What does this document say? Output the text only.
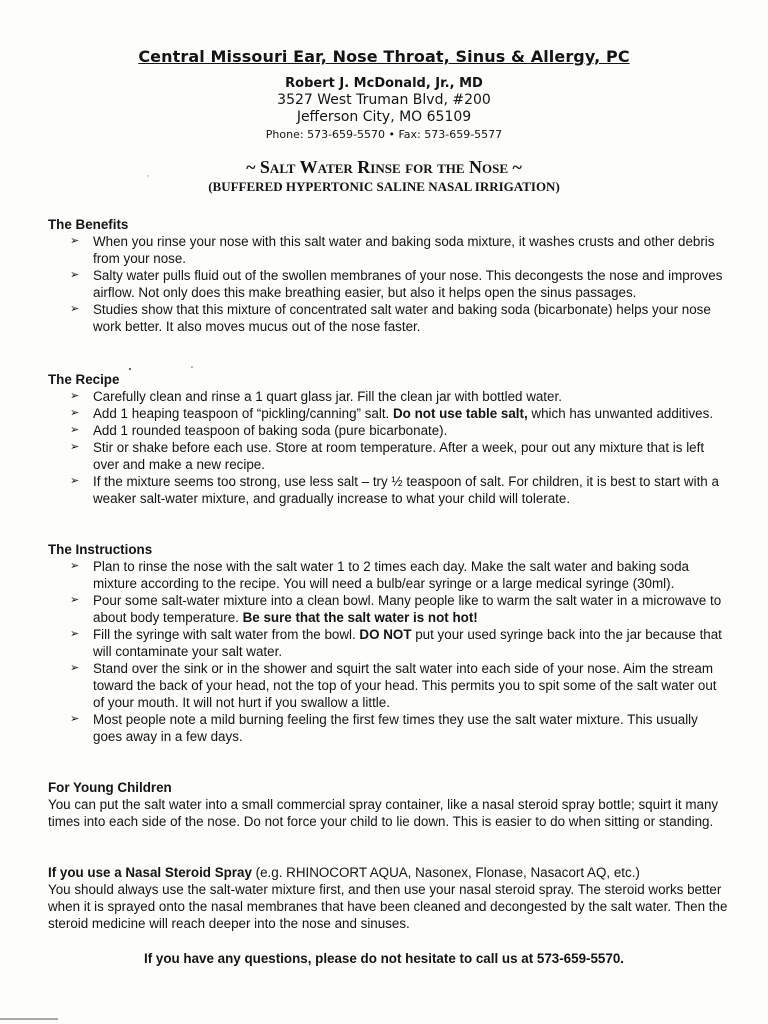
Central Missouri Ear, Nose Throat, Sinus & Allergy, PC
Robert J. McDonald, Jr., MD
3527 West Truman Blvd, #200
Jefferson City, MO 65109
Phone: 573-659-5570 • Fax: 573-659-5577
~ Salt Water Rinse for the Nose ~
(BUFFERED HYPERTONIC SALINE NASAL IRRIGATION)
The Benefits
➢ When you rinse your nose with this salt water and baking soda mixture, it washes crusts and other debris from your nose.
➢ Salty water pulls fluid out of the swollen membranes of your nose. This decongests the nose and improves airflow. Not only does this make breathing easier, but also it helps open the sinus passages.
➢ Studies show that this mixture of concentrated salt water and baking soda (bicarbonate) helps your nose work better. It also moves mucus out of the nose faster.
The Recipe
➢ Carefully clean and rinse a 1 quart glass jar. Fill the clean jar with bottled water.
➢ Add 1 heaping teaspoon of “pickling/canning” salt. Do not use table salt, which has unwanted additives.
➢ Add 1 rounded teaspoon of baking soda (pure bicarbonate).
➢ Stir or shake before each use. Store at room temperature. After a week, pour out any mixture that is left over and make a new recipe.
➢ If the mixture seems too strong, use less salt – try ½ teaspoon of salt. For children, it is best to start with a weaker salt-water mixture, and gradually increase to what your child will tolerate.
The Instructions
➢ Plan to rinse the nose with the salt water 1 to 2 times each day. Make the salt water and baking soda mixture according to the recipe. You will need a bulb/ear syringe or a large medical syringe (30ml).
➢ Pour some salt-water mixture into a clean bowl. Many people like to warm the salt water in a microwave to about body temperature. Be sure that the salt water is not hot!
➢ Fill the syringe with salt water from the bowl. DO NOT put your used syringe back into the jar because that will contaminate your salt water.
➢ Stand over the sink or in the shower and squirt the salt water into each side of your nose. Aim the stream toward the back of your head, not the top of your head. This permits you to spit some of the salt water out of your mouth. It will not hurt if you swallow a little.
➢ Most people note a mild burning feeling the first few times they use the salt water mixture. This usually goes away in a few days.
For Young Children

You can put the salt water into a small commercial spray container, like a nasal steroid spray bottle; squirt it many times into each side of the nose. Do not force your child to lie down. This is easier to do when sitting or standing.

If you use a Nasal Steroid Spray (e.g. RHINOCORT AQUA, Nasonex, Flonase, Nasacort AQ, etc.)
You should always use the salt-water mixture first, and then use your nasal steroid spray. The steroid works better when it is sprayed onto the nasal membranes that have been cleaned and decongested by the salt water. Then the steroid medicine will reach deeper into the nose and sinuses.

If you have any questions, please do not hesitate to call us at 573-659-5570.
